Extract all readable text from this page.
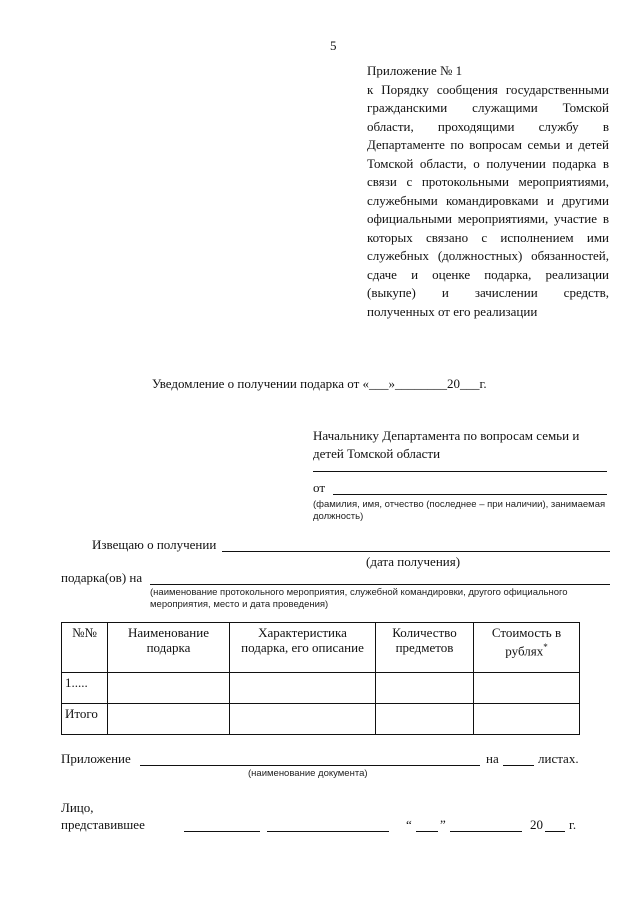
5
Приложение № 1
к Порядку сообщения государственными гражданскими служащими Томской области, проходящими службу в Департаменте по вопросам семьи и детей Томской области, о получении подарка в связи с протокольными мероприятиями, служебными командировками и другими официальными мероприятиями, участие в которых связано с исполнением ими служебных (должностных) обязанностей, сдаче и оценке подарка, реализации (выкупе) и зачислении средств, полученных от его реализации
Уведомление о получении подарка от «___»________20___г.
Начальнику Департамента по вопросам семьи и детей Томской области
от
(фамилия, имя, отчество (последнее – при наличии), занимаемая должность)
Извещаю о получении
(дата получения)
подарка(ов) на
(наименование протокольного мероприятия, служебной командировки, другого официального мероприятия, место и дата проведения)
№№	Наименование подарка	Характеристика подарка, его описание	Количество предметов	Стоимость в рублях*
1.....				
Итого				
Приложение	на	листах.
(наименование документа)
Лицо,
представившее	“ ”	20 г.
